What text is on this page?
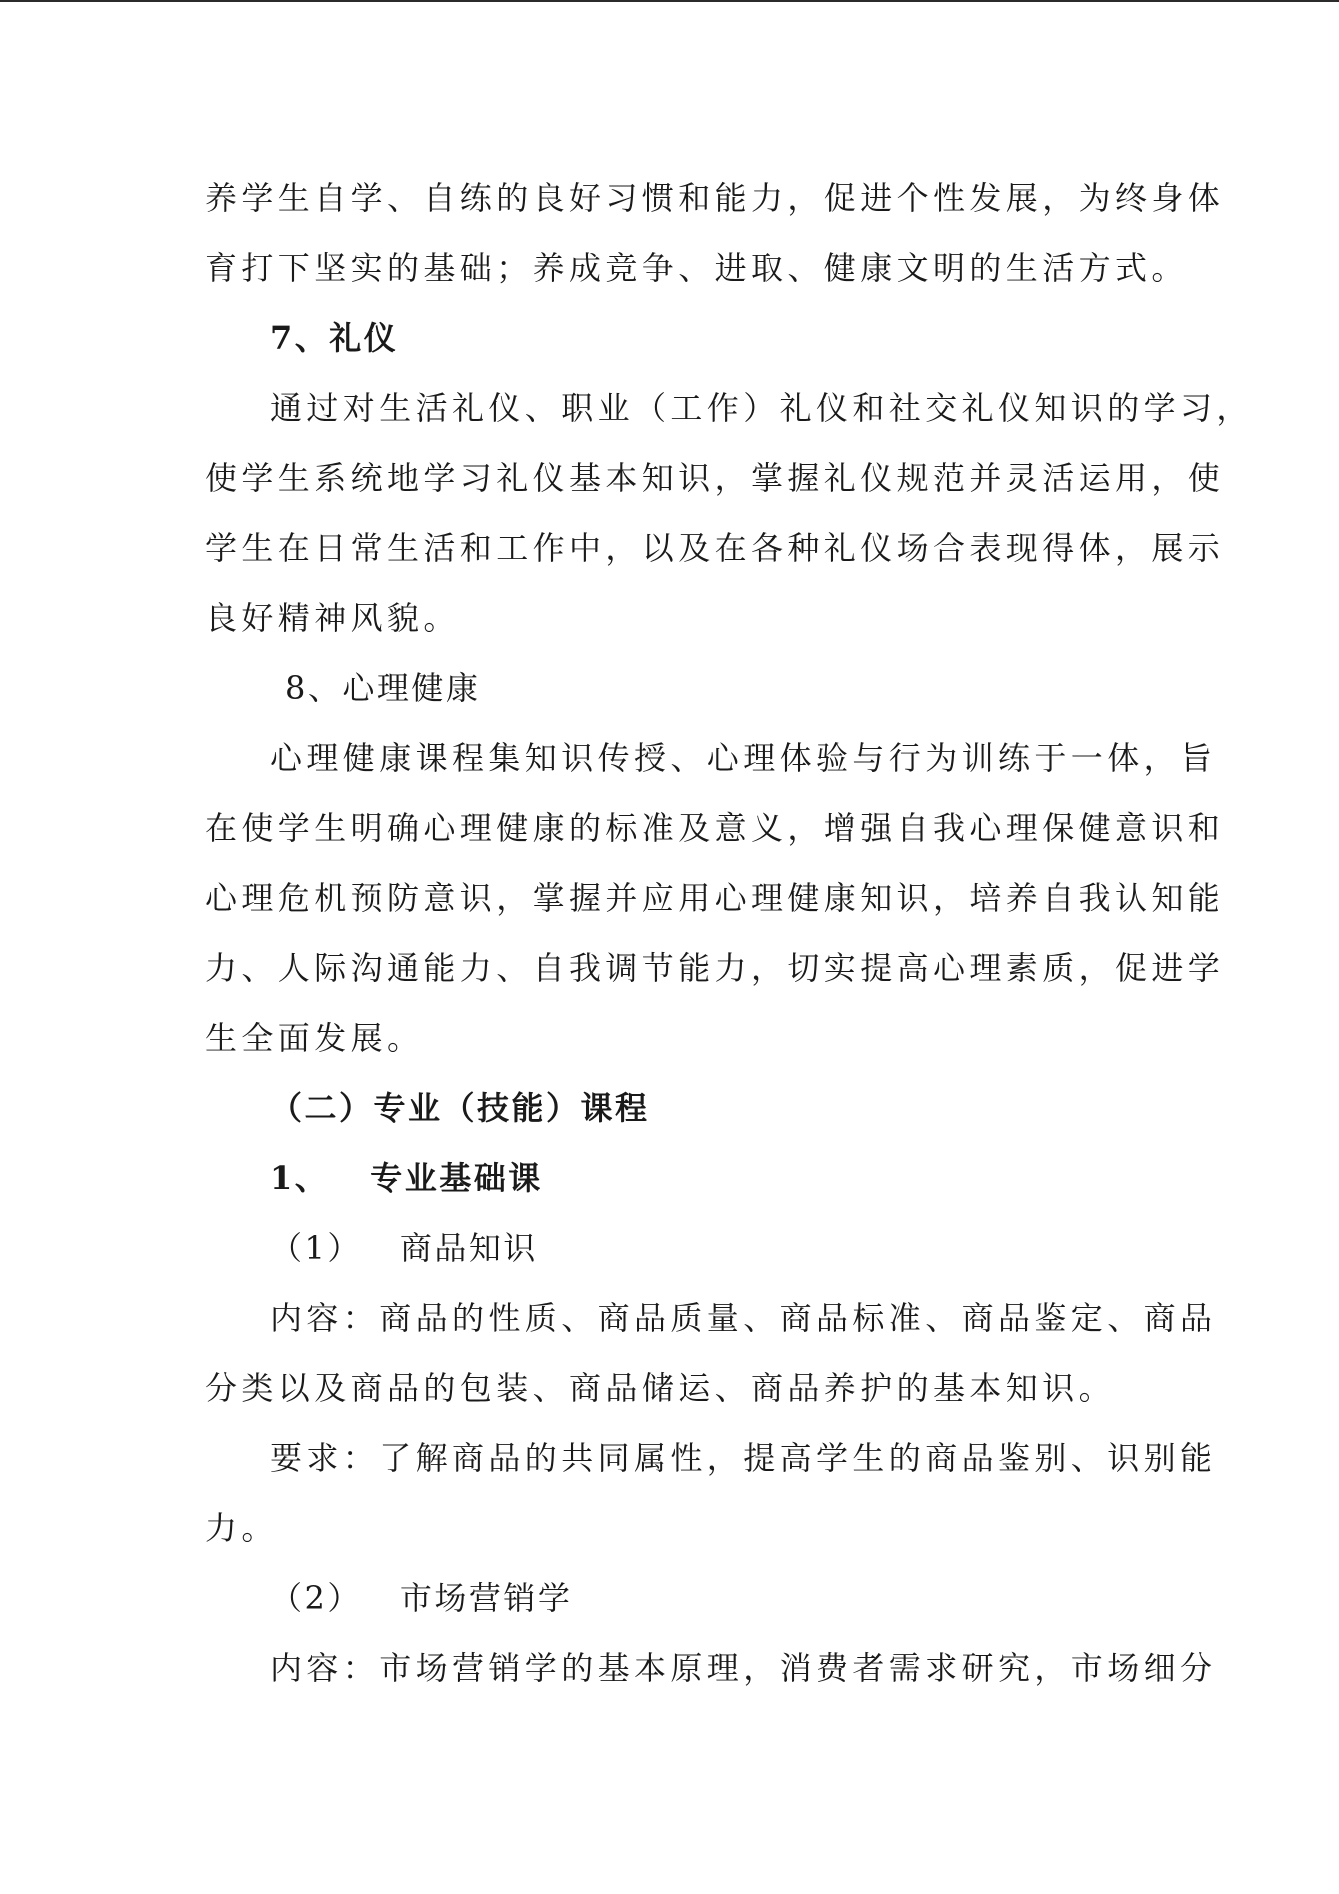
养学生自学、自练的良好习惯和能力，促进个性发展，为终身体
育打下坚实的基础；养成竞争、进取、健康文明的生活方式。
7、礼仪
通过对生活礼仪、职业（工作）礼仪和社交礼仪知识的学习，
使学生系统地学习礼仪基本知识，掌握礼仪规范并灵活运用，使
学生在日常生活和工作中，以及在各种礼仪场合表现得体，展示
良好精神风貌。
8、心理健康
心理健康课程集知识传授、心理体验与行为训练于一体，旨
在使学生明确心理健康的标准及意义，增强自我心理保健意识和
心理危机预防意识，掌握并应用心理健康知识，培养自我认知能
力、人际沟通能力、自我调节能力，切实提高心理素质，促进学
生全面发展。
（二）专业（技能）课程
1、   专业基础课
（1）   商品知识
内容：商品的性质、商品质量、商品标准、商品鉴定、商品
分类以及商品的包装、商品储运、商品养护的基本知识。
要求：了解商品的共同属性，提高学生的商品鉴别、识别能
力。
（2）   市场营销学
内容：市场营销学的基本原理，消费者需求研究，市场细分
